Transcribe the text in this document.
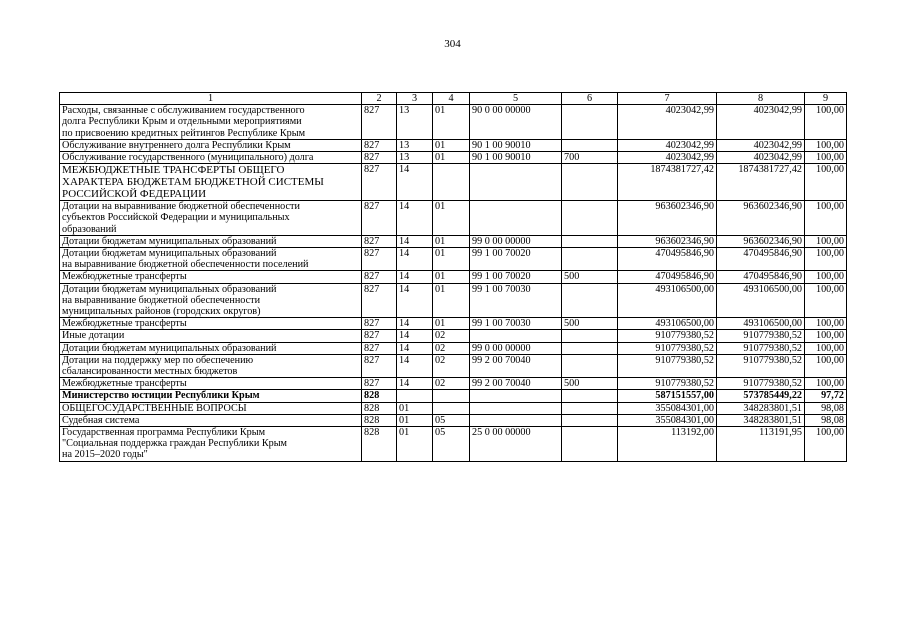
304
1	2	3	4	5	6	7	8	9
Расходы, связанные с обслуживанием государственного
долга Республики Крым и отдельными мероприятиями
по присвоению кредитных рейтингов Республике Крым	827	13	01	90 0 00 00000		4023042,99	4023042,99	100,00
Обслуживание внутреннего долга Республики Крым	827	13	01	90 1 00 90010		4023042,99	4023042,99	100,00
Обслуживание государственного (муниципального) долга	827	13	01	90 1 00 90010	700	4023042,99	4023042,99	100,00
МЕЖБЮДЖЕТНЫЕ ТРАНСФЕРТЫ ОБЩЕГО
ХАРАКТЕРА БЮДЖЕТАМ БЮДЖЕТНОЙ СИСТЕМЫ
РОССИЙСКОЙ ФЕДЕРАЦИИ	827	14				1874381727,42	1874381727,42	100,00
Дотации на выравнивание бюджетной обеспеченности
субъектов Российской Федерации и муниципальных
образований	827	14	01			963602346,90	963602346,90	100,00
Дотации бюджетам муниципальных образований	827	14	01	99 0 00 00000		963602346,90	963602346,90	100,00
Дотации бюджетам муниципальных образований
на выравнивание бюджетной обеспеченности поселений	827	14	01	99 1 00 70020		470495846,90	470495846,90	100,00
Межбюджетные трансферты	827	14	01	99 1 00 70020	500	470495846,90	470495846,90	100,00
Дотации бюджетам муниципальных образований
на выравнивание бюджетной обеспеченности
муниципальных районов (городских округов)	827	14	01	99 1 00 70030		493106500,00	493106500,00	100,00
Межбюджетные трансферты	827	14	01	99 1 00 70030	500	493106500,00	493106500,00	100,00
Иные дотации	827	14	02			910779380,52	910779380,52	100,00
Дотации бюджетам муниципальных образований	827	14	02	99 0 00 00000		910779380,52	910779380,52	100,00
Дотации на поддержку мер по обеспечению
сбалансированности местных бюджетов	827	14	02	99 2 00 70040		910779380,52	910779380,52	100,00
Межбюджетные трансферты	827	14	02	99 2 00 70040	500	910779380,52	910779380,52	100,00
Министерство юстиции Республики Крым	828					587151557,00	573785449,22	97,72
ОБЩЕГОСУДАРСТВЕННЫЕ ВОПРОСЫ	828	01				355084301,00	348283801,51	98,08
Судебная система	828	01	05			355084301,00	348283801,51	98,08
Государственная программа Республики Крым
"Социальная поддержка граждан Республики Крым
на 2015–2020 годы"	828	01	05	25 0 00 00000		113192,00	113191,95	100,00
